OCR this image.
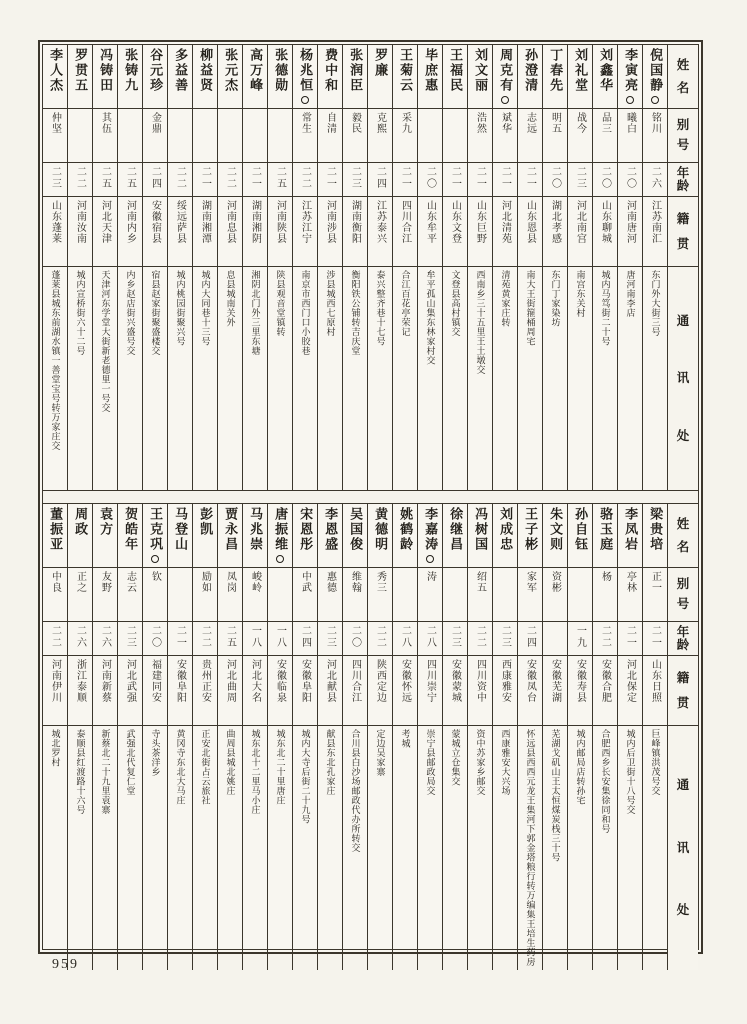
姓
名
别
号
年
龄
籍
贯
通
讯
处
倪国静
铭川
二六
江苏南汇
东门外大街三号
李寅亮
曦白
二〇
河南唐河
唐河南李店
刘鑫华
品三
二〇
山东聊城
城内马笃街二十号
刘礼堂
战今
二三
河北南宫
南宫东关村
丁春先
明五
二〇
湖北孝感
东门丁家染坊
孙澄清
志远
二一
山东恩县
南大王街箍桶周宅
周克有
斌华
二一
河北清苑
清苑黄家庄转
刘文丽
浩然
二一
山东巨野
西南乡三十五里王土墩交
王福民
二一
山东文登
文登县高村镇交
毕庶惠
二〇
山东牟平
牟平孤山集东林家村交
王菊云
采九
二一
四川合江
合江百花亭荣记
罗廉
克熙
二四
江苏泰兴
泰兴整齐巷十七号
张润臣
毅民
二三
湖南衡阳
衡阳铁公铺转吉庆堂
费中和
自清
二一
河南涉县
涉县城西七原村
杨兆恒
常生
二二
江苏江宁
南京市西门口小胶巷
张德勋
二五
河南陕县
陕县观音堂镇转
高万峰
二一
湖南湘阴
湘阴北门外三里东塘
张元杰
二二
河南息县
息县城南关外
柳益贤
二一
湖南湘潭
城内大同巷十三号
多益善
二二
绥远萨县
城内桃园街聚兴号
谷元珍
金鼎
二四
安徽宿县
宿县赵家街聚盛楼交
张铸九
二五
河南内乡
内乡赵店街兴盛号交
冯铸田
其伍
二五
河北天津
天津河东学堂大街新老德里一号交
罗贯五
二二
河南汝南
城内宣桥街六十二号
李人杰
仲坚
二三
山东蓬莱
蓬莱县城东前湖水镇一善堂宝号转万家庄交
姓
名
别
号
年
龄
籍
贯
通
讯
处
梁贵培
正一
二一
山东日照
巨峰镇洪茂号交
李凤岩
亭林
二一
河北保定
城内后卫街十八号交
骆玉庭
杨
二二
安徽合肥
合肥西乡长安集徐同和号
孙自钰
一九
安徽寿县
城内邮局店转孙宅
朱文则
资彬
安徽芜湖
芜湖戈矶山王太恒煤炭栈三十号
王子彬
家军
二四
安徽凤台
怀远县西西元龙王集河下郭金塔粮行转万编集王培生药房
刘成忠
二三
西康雅安
西康雅安大兴场
冯树国
绍五
二二
四川资中
资中苏家乡邮交
徐继昌
二三
安徽蒙城
蒙城立仓集交
李嘉涛
涛
二八
四川崇宁
崇宁县邮政局交
姚鹤龄
二八
安徽怀远
考城
黄德明
秀三
二二
陕西定边
定边吴家寨
吴国俊
维翰
二〇
四川合江
合川县白沙场邮政代办所转交
李恩盛
惠德
二三
河北献县
献县东北孔家庄
宋恩彤
中武
二四
安徽阜阳
城内大寺后街二十九号
唐振维
一八
安徽临泉
城东北二十里唐庄
马兆崇
峻岭
一八
河北大名
城东北十二里马小庄
贾永昌
凤岗
二五
河北曲周
曲周县城北姚庄
彭凯
励如
二二
贵州正安
正安北街占云旅社
马登山
二一
安徽阜阳
黄冈寺东北大马庄
王克巩
钦
二〇
福建同安
寺头茶洋乡
贺皓年
志云
二三
河北武强
武强北代复仁堂
袁方
友野
二六
河南新蔡
新蔡北二十九里袁寨
周政
正之
二六
浙江泰顺
泰顺县红渡路十六号
董振亚
中良
二二
河南伊川
城北罗村
959
